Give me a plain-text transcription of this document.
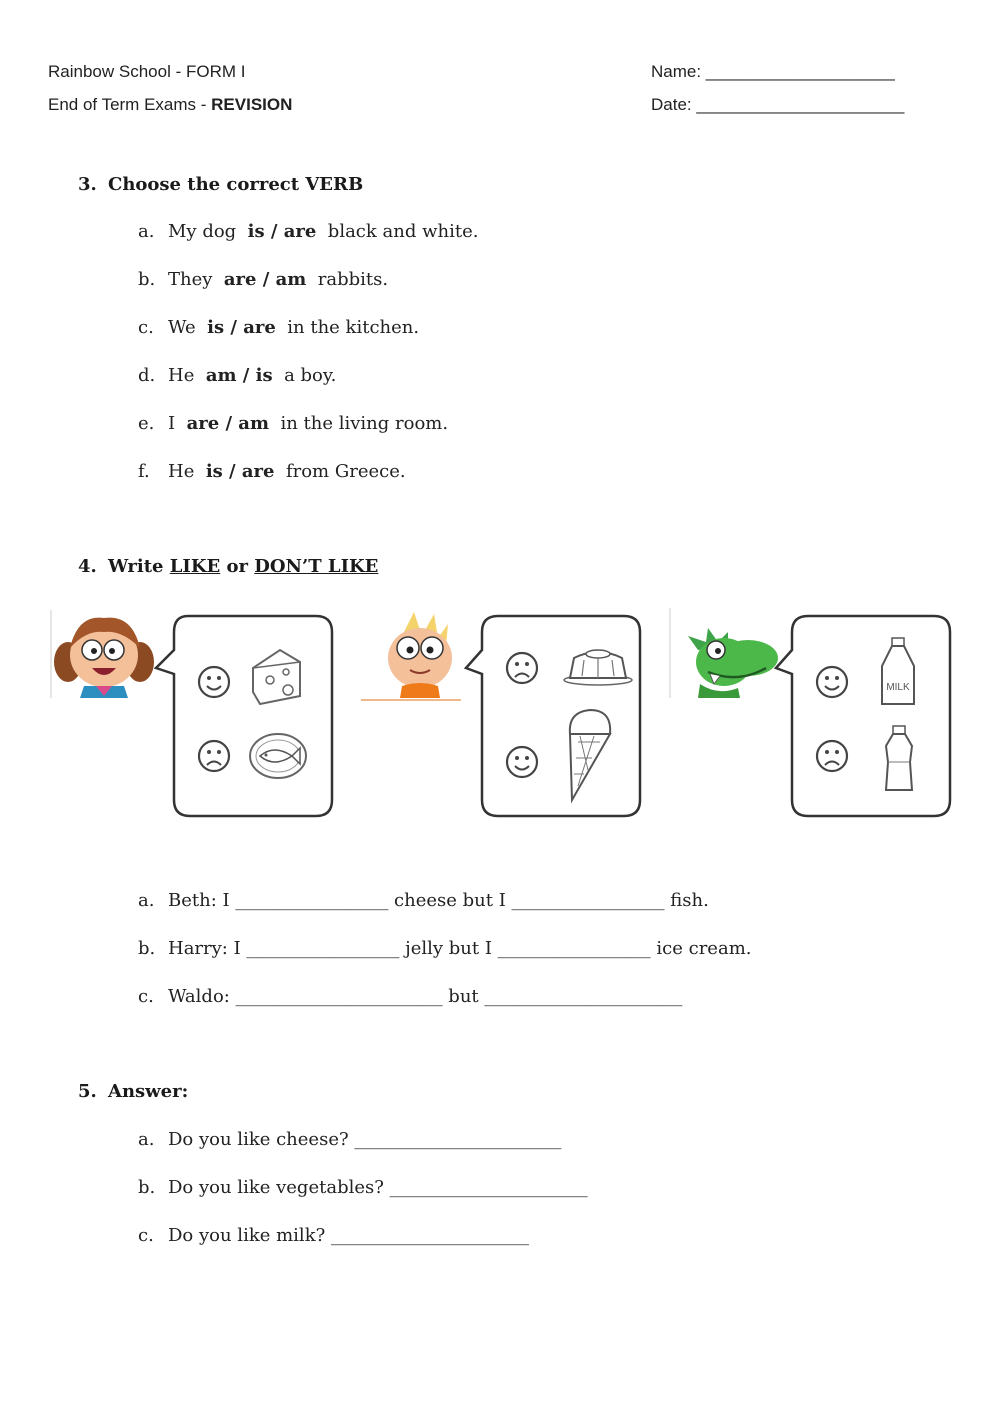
Rainbow School - FORM I
End of Term Exams - REVISION
Name: ____________________
Date: ______________________
3. Choose the correct VERB
a. My dog is / are black and white.
b. They are / am rabbits.
c. We is / are in the kitchen.
d. He am / is a boy.
e. I are / am in the living room.
f. He is / are from Greece.
4. Write LIKE or DON’T LIKE
MILK
a. Beth: I _________________ cheese but I _________________ fish.
b. Harry: I _________________ jelly but I _________________ ice cream.
c. Waldo: _______________________ but ______________________
5. Answer:
a. Do you like cheese? _______________________
b. Do you like vegetables? ______________________
c. Do you like milk? ______________________
